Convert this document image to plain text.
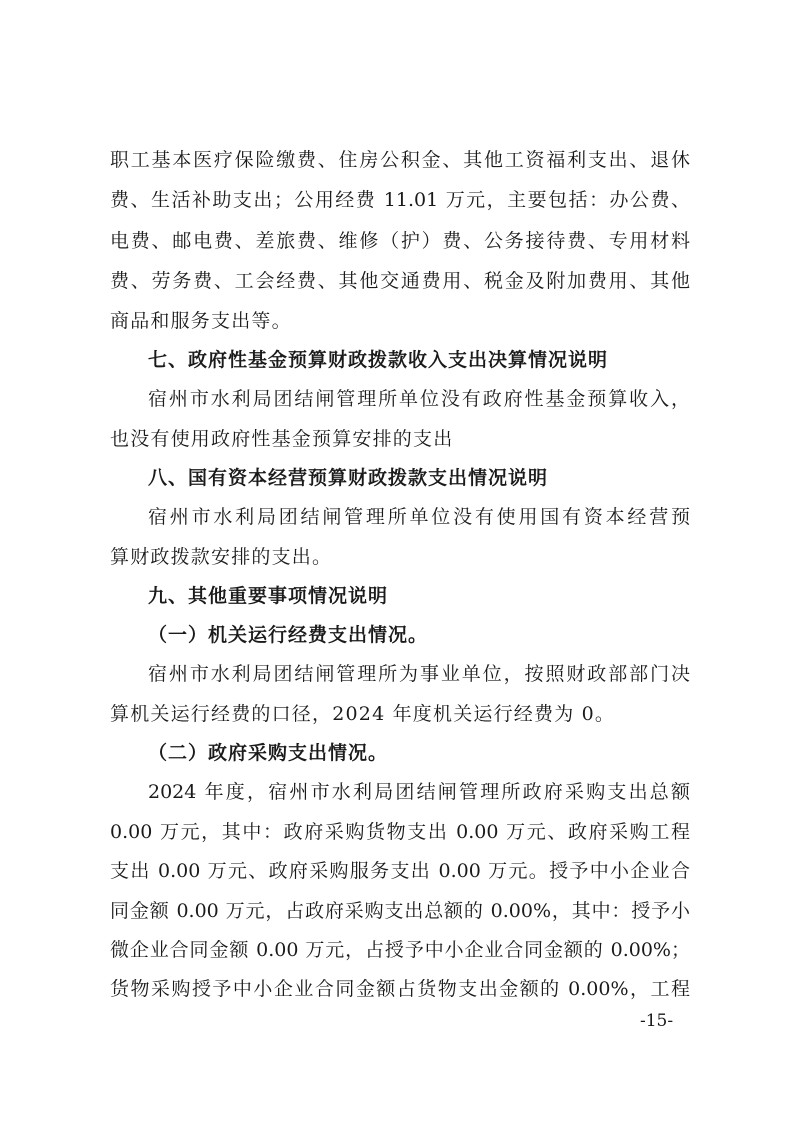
职工基本医疗保险缴费、住房公积金、其他工资福利支出、退休
费、生活补助支出；公用经费 11.01 万元，主要包括：办公费、
电费、邮电费、差旅费、维修（护）费、公务接待费、专用材料
费、劳务费、工会经费、其他交通费用、税金及附加费用、其他
商品和服务支出等。
七、政府性基金预算财政拨款收入支出决算情况说明
宿州市水利局团结闸管理所单位没有政府性基金预算收入，
也没有使用政府性基金预算安排的支出
八、国有资本经营预算财政拨款支出情况说明
宿州市水利局团结闸管理所单位没有使用国有资本经营预
算财政拨款安排的支出。
九、其他重要事项情况说明
（一）机关运行经费支出情况。
宿州市水利局团结闸管理所为事业单位，按照财政部部门决
算机关运行经费的口径，2024 年度机关运行经费为 0。
（二）政府采购支出情况。
2024 年度，宿州市水利局团结闸管理所政府采购支出总额
0.00 万元，其中：政府采购货物支出 0.00 万元、政府采购工程
支出 0.00 万元、政府采购服务支出 0.00 万元。授予中小企业合
同金额 0.00 万元，占政府采购支出总额的 0.00%，其中：授予小
微企业合同金额 0.00 万元，占授予中小企业合同金额的 0.00%；
货物采购授予中小企业合同金额占货物支出金额的 0.00%，工程
-15-
